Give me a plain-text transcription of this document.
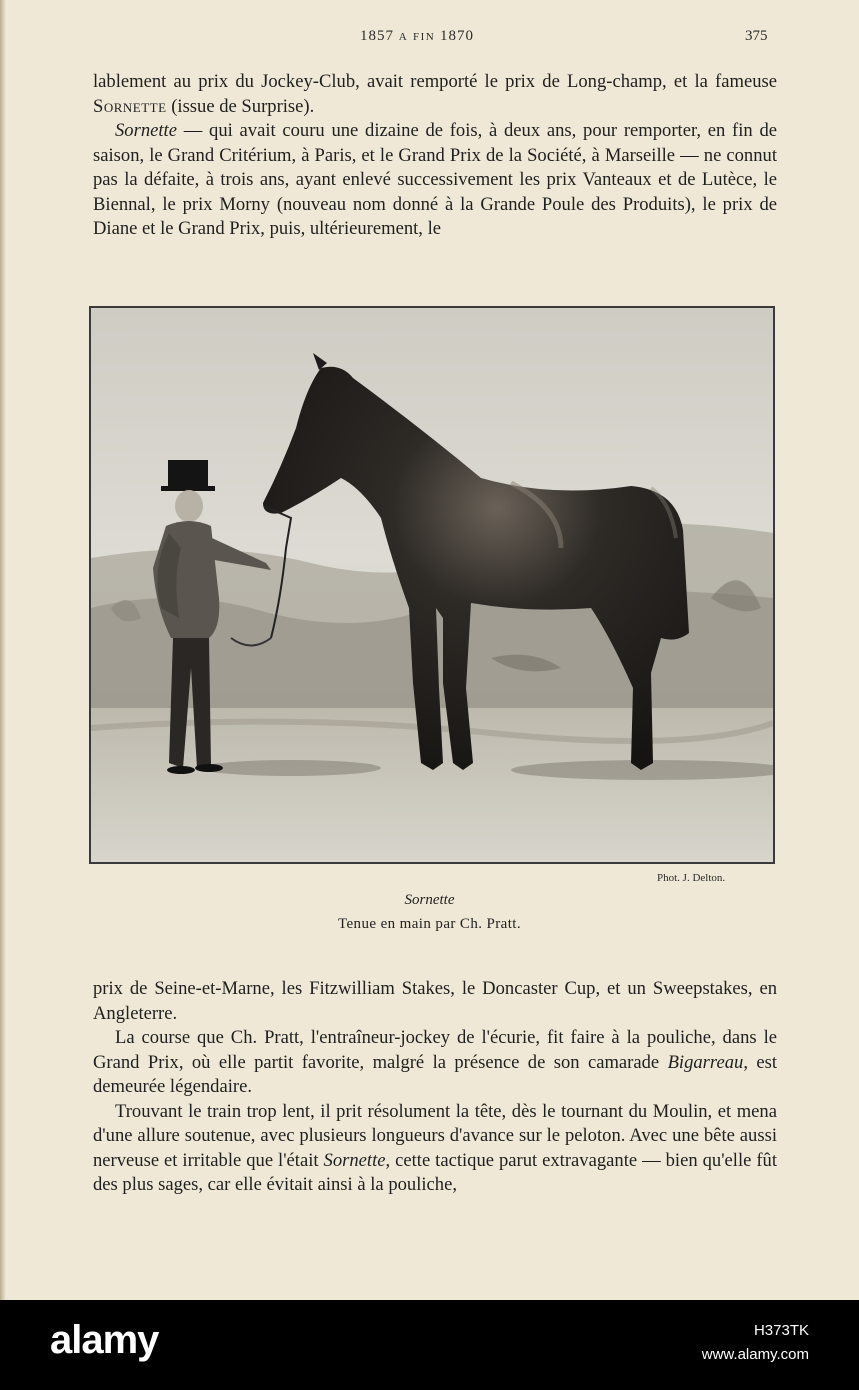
1857 A FIN 1870	375

lablement au prix du Jockey-Club, avait remporté le prix de Long-champ, et la fameuse Sornette (issue de Surprise).

Sornette — qui avait couru une dizaine de fois, à deux ans, pour remporter, en fin de saison, le Grand Critérium, à Paris, et le Grand Prix de la Société, à Marseille — ne connut pas la défaite, à trois ans, ayant enlevé successivement les prix Vanteaux et de Lutèce, le Biennal, le prix Morny (nouveau nom donné à la Grande Poule des Produits), le prix de Diane et le Grand Prix, puis, ultérieurement, le

Phot. J. Delton.
Sornette
Tenue en main par Ch. Pratt.

prix de Seine-et-Marne, les Fitzwilliam Stakes, le Doncaster Cup, et un Sweepstakes, en Angleterre.

La course que Ch. Pratt, l'entraîneur-jockey de l'écurie, fit faire à la pouliche, dans le Grand Prix, où elle partit favorite, malgré la présence de son camarade Bigarreau, est demeurée légendaire.

Trouvant le train trop lent, il prit résolument la tête, dès le tournant du Moulin, et mena d'une allure soutenue, avec plusieurs longueurs d'avance sur le peloton. Avec une bête aussi nerveuse et irritable que l'était Sornette, cette tactique parut extravagante — bien qu'elle fût des plus sages, car elle évitait ainsi à la pouliche,

alamy	H373TK
www.alamy.com
